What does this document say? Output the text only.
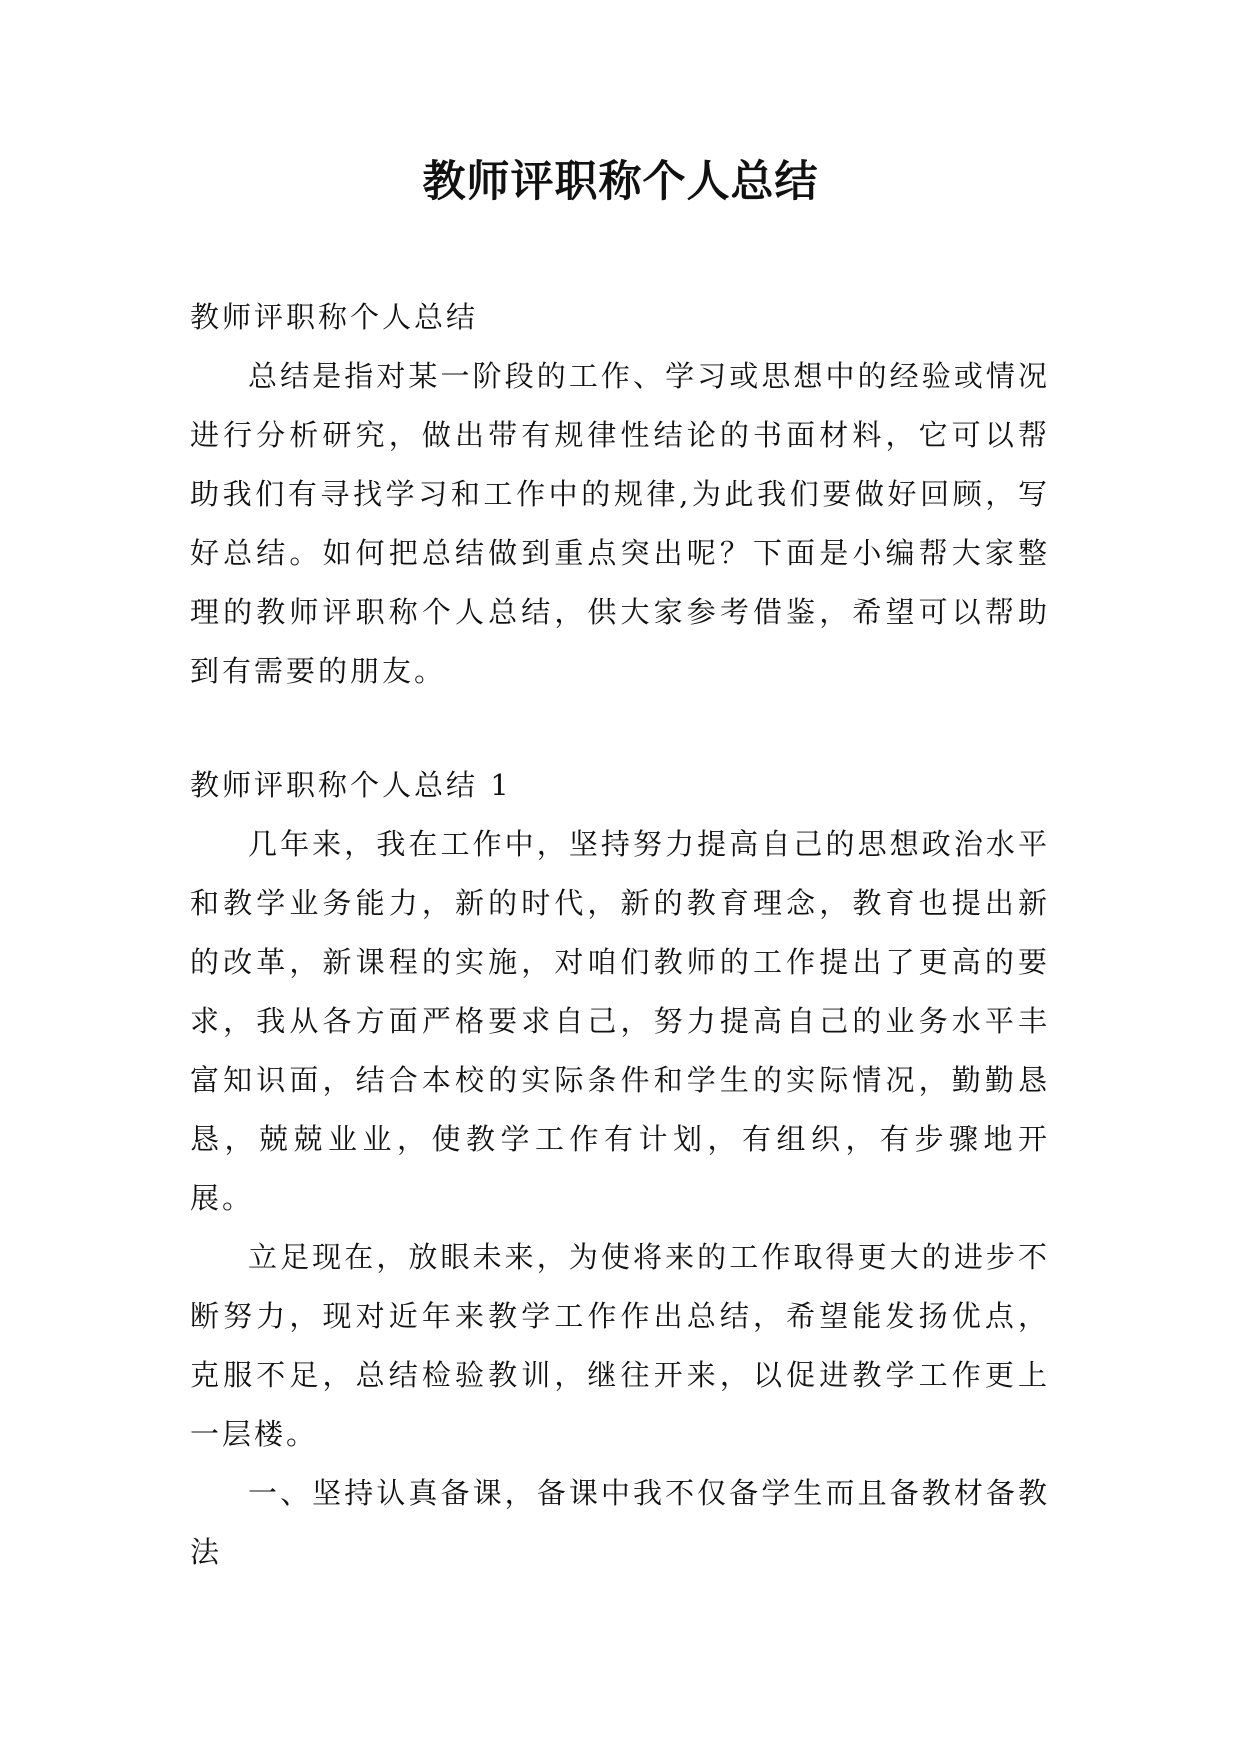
教师评职称个人总结

教师评职称个人总结

总结是指对某一阶段的工作、学习或思想中的经验或情况进行分析研究，做出带有规律性结论的书面材料，它可以帮助我们有寻找学习和工作中的规律,为此我们要做好回顾，写好总结。如何把总结做到重点突出呢？下面是小编帮大家整理的教师评职称个人总结，供大家参考借鉴，希望可以帮助到有需要的朋友。

教师评职称个人总结 1

几年来，我在工作中，坚持努力提高自己的思想政治水平和教学业务能力，新的时代，新的教育理念，教育也提出新的改革，新课程的实施，对咱们教师的工作提出了更高的要求，我从各方面严格要求自己，努力提高自己的业务水平丰富知识面，结合本校的实际条件和学生的实际情况，勤勤恳恳，兢兢业业，使教学工作有计划，有组织，有步骤地开展。

立足现在，放眼未来，为使将来的工作取得更大的进步不断努力，现对近年来教学工作作出总结，希望能发扬优点，克服不足，总结检验教训，继往开来，以促进教学工作更上一层楼。

一、坚持认真备课，备课中我不仅备学生而且备教材备教法
